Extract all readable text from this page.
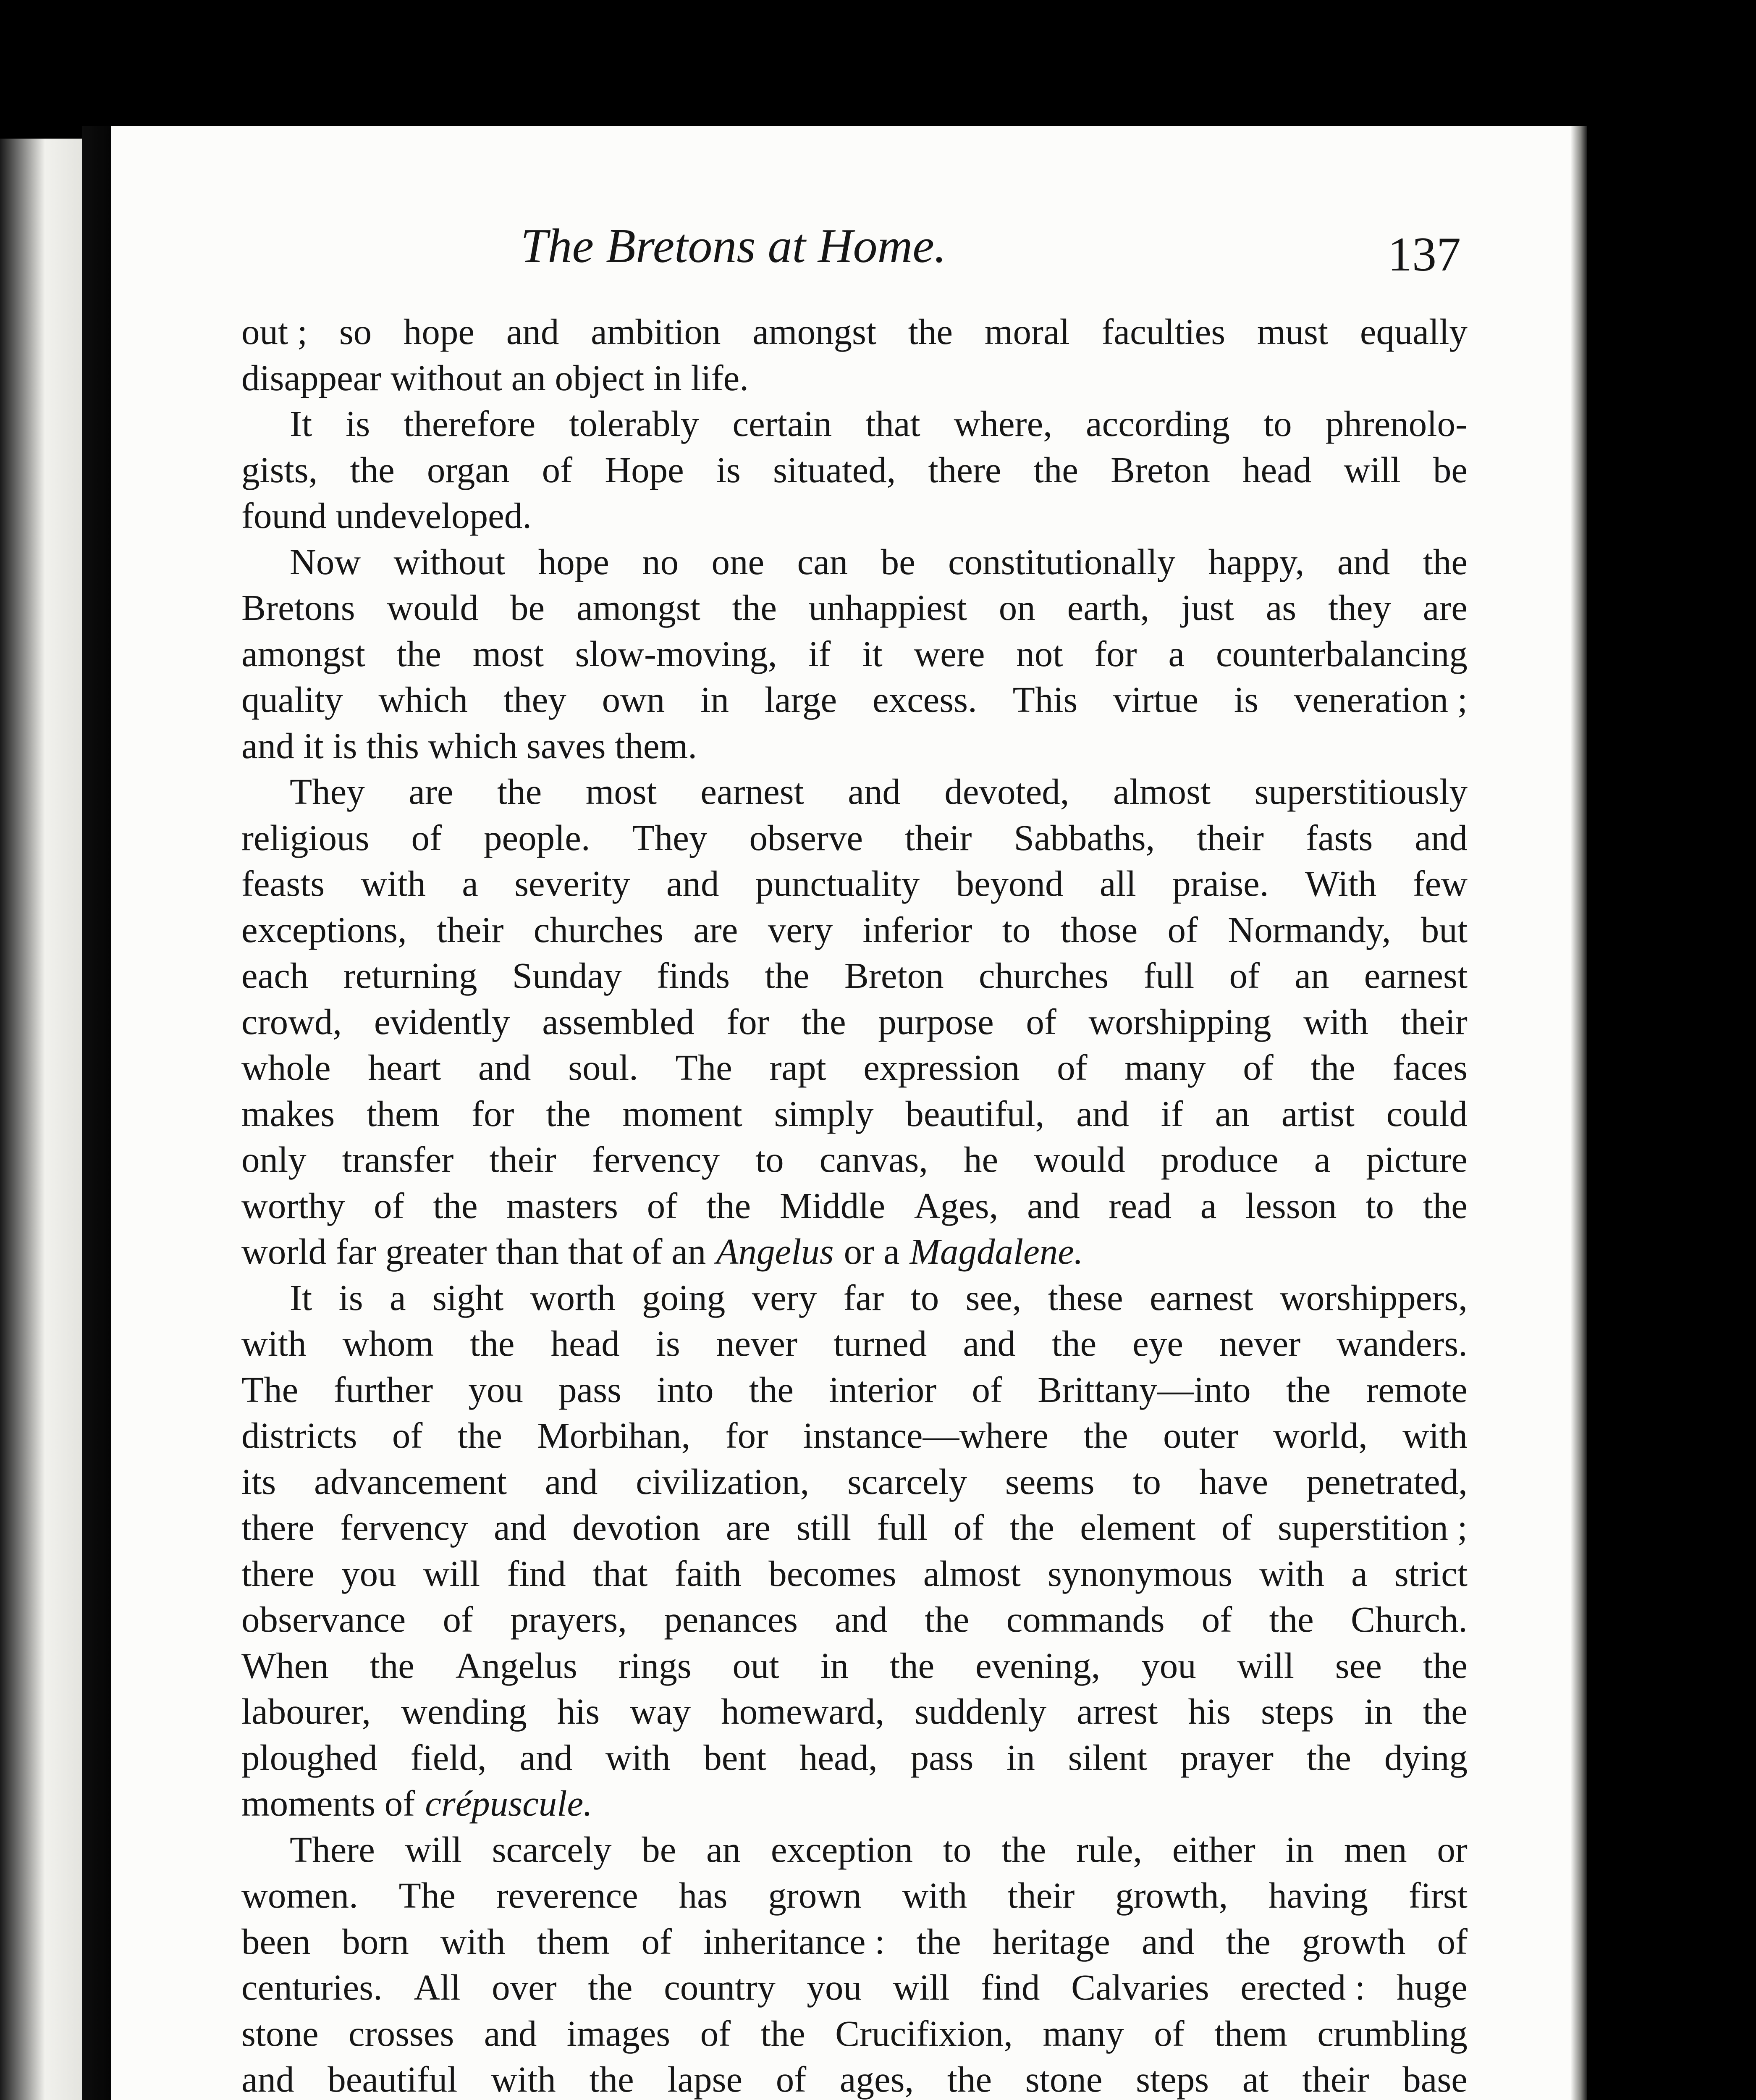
The Bretons at Home.	137
out ; so hope and ambition amongst the moral faculties must equally
disappear without an object in life.
It is therefore tolerably certain that where, according to phrenolo-
gists, the organ of Hope is situated, there the Breton head will be
found undeveloped.
Now without hope no one can be constitutionally happy, and the
Bretons would be amongst the unhappiest on earth, just as they are
amongst the most slow-moving, if it were not for a counterbalancing
quality which they own in large excess. This virtue is veneration ;
and it is this which saves them.
They are the most earnest and devoted, almost superstitiously
religious of people. They observe their Sabbaths, their fasts and
feasts with a severity and punctuality beyond all praise. With few
exceptions, their churches are very inferior to those of Normandy, but
each returning Sunday finds the Breton churches full of an earnest
crowd, evidently assembled for the purpose of worshipping with their
whole heart and soul. The rapt expression of many of the faces
makes them for the moment simply beautiful, and if an artist could
only transfer their fervency to canvas, he would produce a picture
worthy of the masters of the Middle Ages, and read a lesson to the
world far greater than that of an Angelus or a Magdalene.
It is a sight worth going very far to see, these earnest worshippers,
with whom the head is never turned and the eye never wanders.
The further you pass into the interior of Brittany—into the remote
districts of the Morbihan, for instance—where the outer world, with
its advancement and civilization, scarcely seems to have penetrated,
there fervency and devotion are still full of the element of superstition ;
there you will find that faith becomes almost synonymous with a strict
observance of prayers, penances and the commands of the Church.
When the Angelus rings out in the evening, you will see the
labourer, wending his way homeward, suddenly arrest his steps in the
ploughed field, and with bent head, pass in silent prayer the dying
moments of crépuscule.
There will scarcely be an exception to the rule, either in men or
women. The reverence has grown with their growth, having first
been born with them of inheritance : the heritage and the growth of
centuries. All over the country you will find Calvaries erected : huge
stone crosses and images of the Crucifixion, many of them crumbling
and beautiful with the lapse of ages, the stone steps at their base
